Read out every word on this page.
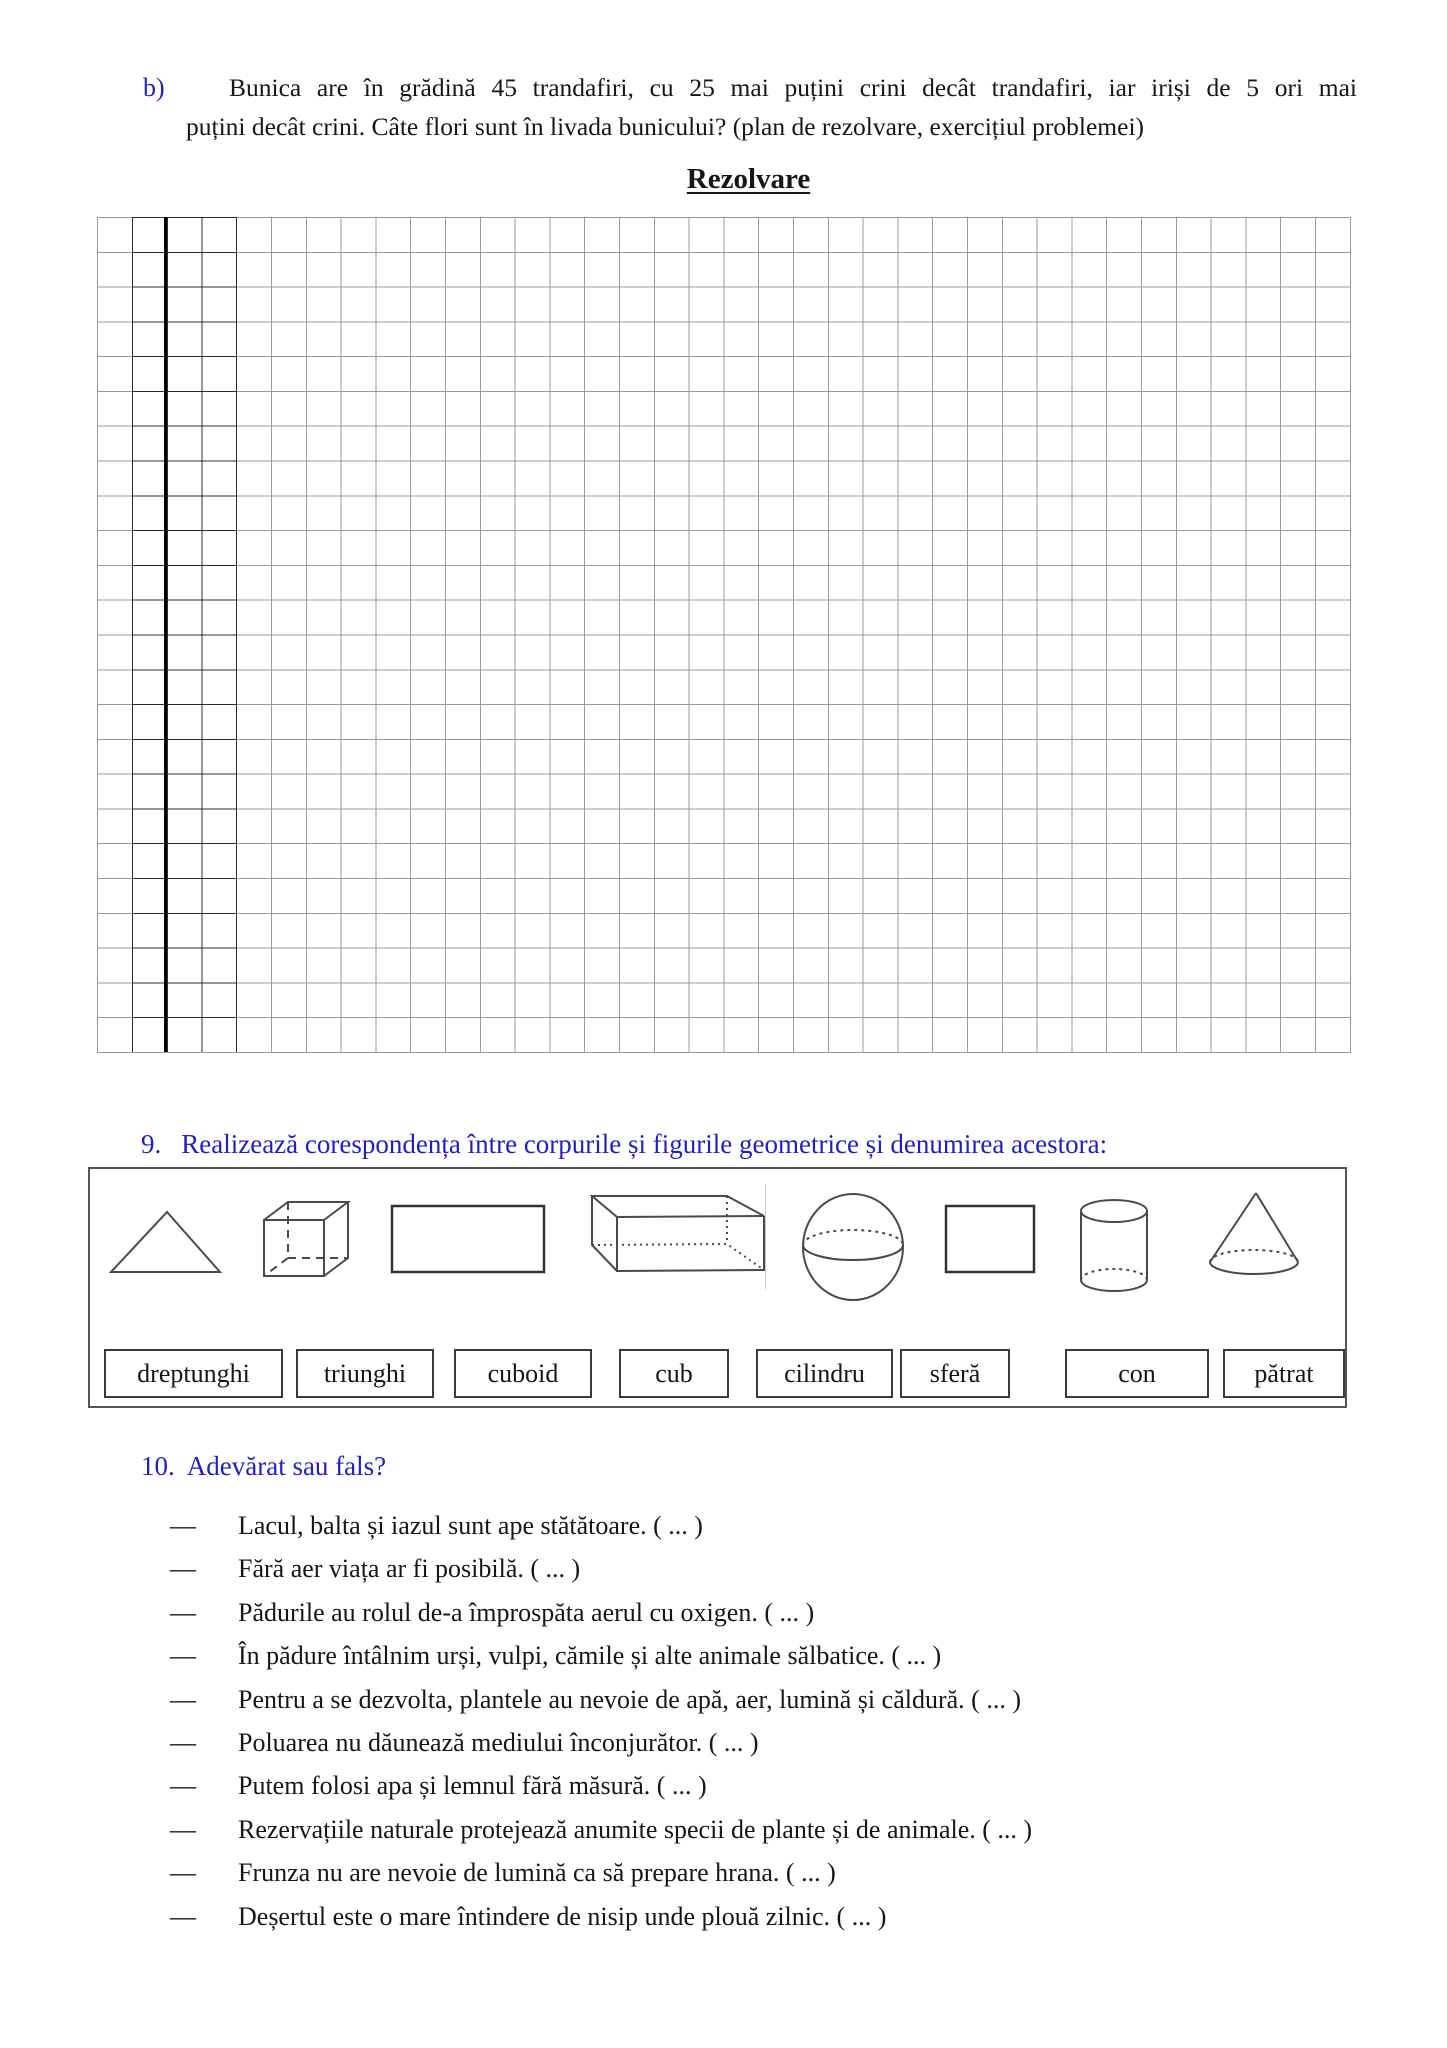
b)	Bunica are în grădină 45 trandafiri, cu 25 mai puțini crini decât trandafiri, iar iriși de 5 ori mai
puțini decât crini. Câte flori sunt în livada bunicului? (plan de rezolvare, exercițiul problemei)
Rezolvare
9. Realizează corespondența între corpurile și figurile geometrice și denumirea acestora:
dreptunghi	triunghi	cuboid	cub	cilindru	sferă	con	pătrat
10. Adevărat sau fals?
— Lacul, balta și iazul sunt ape stătătoare. ( ... )
— Fără aer viața ar fi posibilă. ( ... )
— Pădurile au rolul de-a împrospăta aerul cu oxigen. ( ... )
— În pădure întâlnim urși, vulpi, cămile și alte animale sălbatice. ( ... )
— Pentru a se dezvolta, plantele au nevoie de apă, aer, lumină și căldură. ( ... )
— Poluarea nu dăunează mediului înconjurător. ( ... )
— Putem folosi apa și lemnul fără măsură. ( ... )
— Rezervațiile naturale protejează anumite specii de plante și de animale. ( ... )
— Frunza nu are nevoie de lumină ca să prepare hrana. ( ... )
— Deșertul este o mare întindere de nisip unde plouă zilnic. ( ... )
